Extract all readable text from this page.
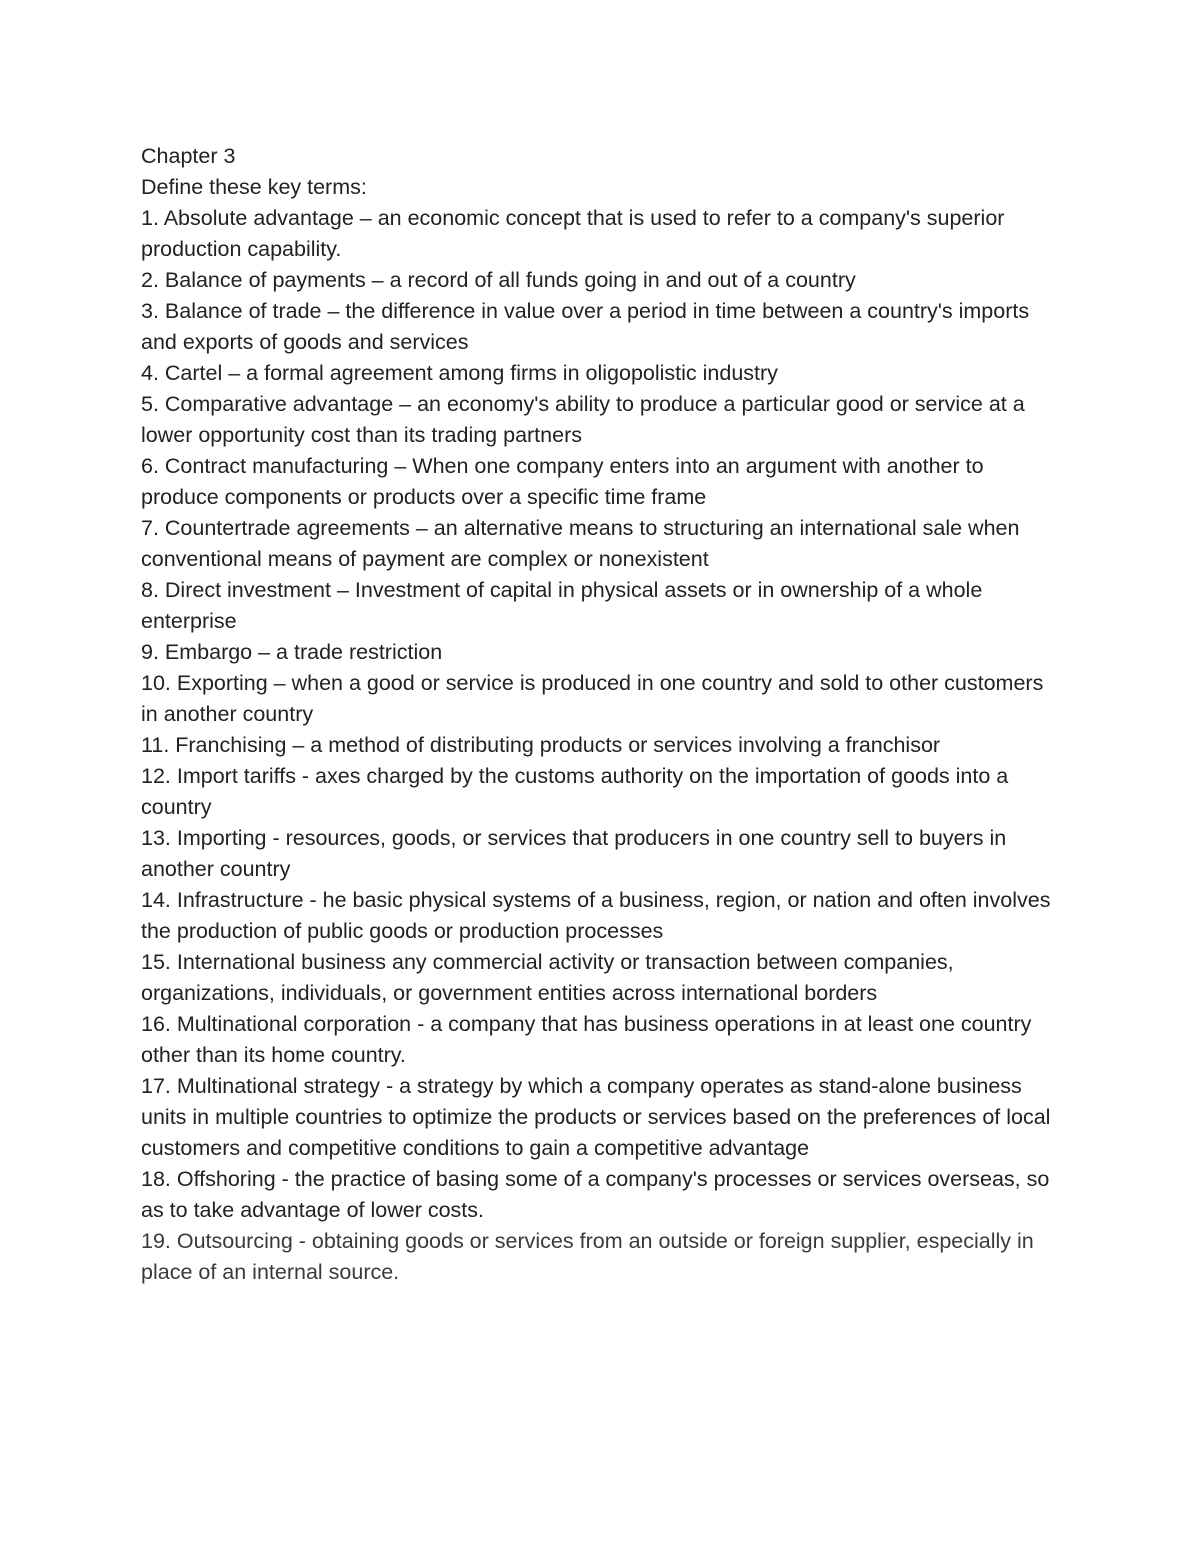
Chapter 3

Define these key terms:

1. Absolute advantage – an economic concept that is used to refer to a company's superior production capability.
2. Balance of payments – a record of all funds going in and out of a country
3. Balance of trade – the difference in value over a period in time between a country's imports and exports of goods and services
4. Cartel – a formal agreement among firms in oligopolistic industry
5. Comparative advantage – an economy's ability to produce a particular good or service at a lower opportunity cost than its trading partners
6. Contract manufacturing – When one company enters into an argument with another to produce components or products over a specific time frame
7. Countertrade agreements – an alternative means to structuring an international sale when conventional means of payment are complex or nonexistent
8. Direct investment – Investment of capital in physical assets or in ownership of a whole enterprise
9. Embargo – a trade restriction
10. Exporting – when a good or service is produced in one country and sold to other customers in another country
11. Franchising – a method of distributing products or services involving a franchisor
12. Import tariffs - axes charged by the customs authority on the importation of goods into a country
13. Importing - resources, goods, or services that producers in one country sell to buyers in another country
14. Infrastructure - he basic physical systems of a business, region, or nation and often involves the production of public goods or production processes
15. International business any commercial activity or transaction between companies, organizations, individuals, or government entities across international borders
16. Multinational corporation - a company that has business operations in at least one country other than its home country.
17. Multinational strategy - a strategy by which a company operates as stand-alone business units in multiple countries to optimize the products or services based on the preferences of local customers and competitive conditions to gain a competitive advantage
18. Offshoring - the practice of basing some of a company's processes or services overseas, so as to take advantage of lower costs.
19. Outsourcing - obtaining goods or services from an outside or foreign supplier, especially in place of an internal source.
